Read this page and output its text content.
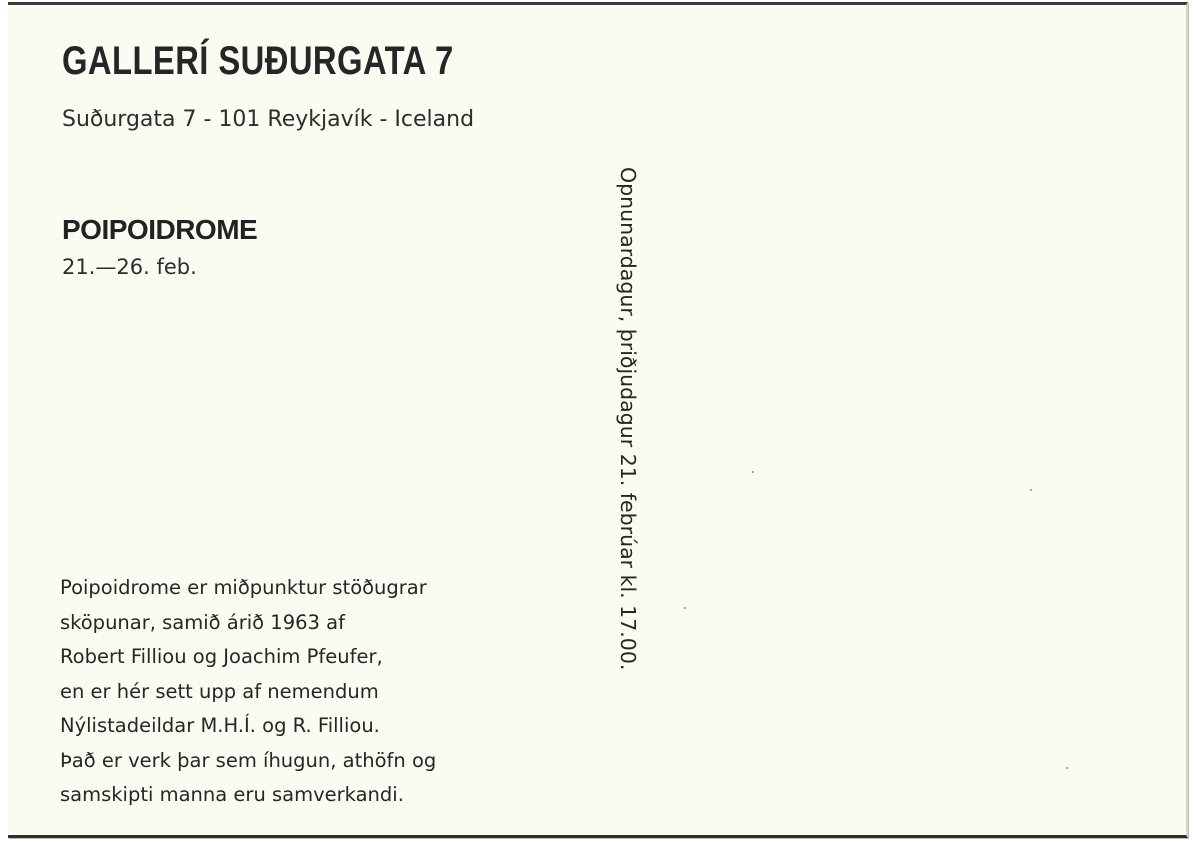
GALLERÍ SUÐURGATA 7
Suðurgata 7 - 101 Reykjavík - Iceland
POIPOIDROME
21.—26. feb.	Opnunardagur, þriðjudagur 21. febrúar kl. 17.00.
Poipoidrome er miðpunktur stöðugrar
sköpunar, samið árið 1963 af
Robert Filliou og Joachim Pfeufer,
en er hér sett upp af nemendum
Nýlistadeildar M.H.Í. og R. Filliou.
Það er verk þar sem íhugun, athöfn og
samskipti manna eru samverkandi.
